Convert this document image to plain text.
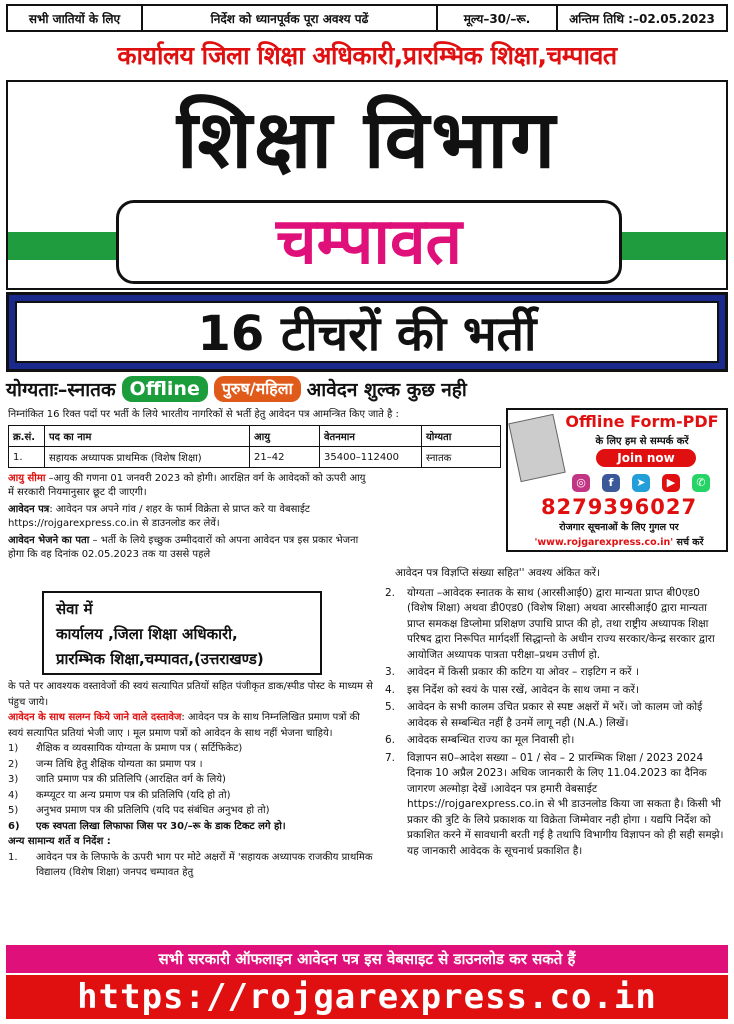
सभी जातियों के लिए	निर्देश को ध्यानपूर्वक पूरा अवश्य पढें	मूल्य–30/–रू.	अन्तिम तिथि :–02.05.2023
कार्यालय जिला शिक्षा अधिकारी,प्रारम्भिक शिक्षा,चम्पावत
शिक्षा विभाग
चम्पावत
16 टीचरों की भर्ती
योग्यताः–स्नातक Offline	पुरुष/महिला आवेदन शुल्क कुछ नही
निम्नांकित 16 रिक्त पदों पर भर्ती के लिये भारतीय नागरिकों से भर्ती हेतु आवेदन पत्र आमन्त्रित किए जाते है :
क्र.सं.	पद का नाम	आयु	वेतनमान	योग्यता
1.	सहायक अध्यापक प्राथमिक (विशेष शिक्षा)	21–42	35400–112400	स्नातक
Offline Form-PDF
के लिए हम से सम्पर्क करें
Join now
◎	f	➤	▶	✆
8279396027
रोजगार सूचनाओं के लिए गुगल पर
'www.rojgarexpress.co.in' सर्च करें

आयु सीमा –आयु की गणना 01 जनवरी 2023 को होगी। आरक्षित वर्ग के आवेदकों को ऊपरी आयु में सरकारी नियमानुसार छूट दी जाएगी।

आवेदन पत्र: आवेदन पत्र अपने गांव / शहर के फार्म विक्रेता से प्राप्त करे या वेबसाईट https://rojgarexpress.co.in से डाउनलोड कर लेवें।

आवेदन भेजने का पता – भर्ती के लिये इच्छुक उम्मीदवारों को अपना आवेदन पत्र इस प्रकार भेजना होगा कि वह दिनांक 02.05.2023 तक या उससे पहले

सेवा में
कार्यालय ,जिला शिक्षा अधिकारी,
प्रारम्भिक शिक्षा,चम्पावत,(उत्तराखण्ड)
के पते पर आवश्यक वस्तावेजों की स्वयं सत्यापित प्रतियों सहित पंजीकृत डाक/स्पीड पोस्ट के माध्यम से पंहुच जाये।
आवेदन के साथ सलग्न किये जाने वाले दस्तावेज: आवेदन पत्र के साथ निम्नलिखित प्रमाण पत्रों की स्वयं सत्यापित प्रतियां भेजी जाए । मूल प्रमाण पत्रों को आवेदन के साथ नहीं भेजना चाहिये।
1) शैक्षिक व व्यवसायिक योग्यता के प्रमाण पत्र ( सर्टिफिकेट)
2) जन्म तिथि हेतु शैक्षिक योग्यता का प्रमाण पत्र ।
3) जाति प्रमाण पत्र की प्रतिलिपि (आरक्षित वर्ग के लिये)
4) कम्प्यूटर या अन्य प्रमाण पत्र की प्रतिलिपि (यदि हो तो)
5) अनुभव प्रमाण पत्र की प्रतिलिपि (यदि पद संबंधित अनुभव हो तो)
6) एक स्वपता लिखा लिफाफा जिस पर 30/–रू के डाक टिकट लगे हो।
अन्य सामान्य शर्ते व निर्देश :
1. आवेदन पत्र के लिफाफे के ऊपरी भाग पर मोटे अक्षरों में 'सहायक अध्यापक राजकीय प्राथमिक विद्यालय (विशेष शिक्षा) जनपद चम्पावत हेतु
आवेदन पत्र विज्ञप्ति संख्या सहित'' अवश्य अंकित करें।
2. योग्यता –आवेदक स्नातक के साथ (आरसीआई0) द्वारा मान्यता प्राप्त बी0एड0 (विशेष शिक्षा) अथवा डी0एड0 (विशेष शिक्षा) अथवा आरसीआई0 द्वारा मान्यता प्राप्त समकक्ष डिप्लोमा प्रशिक्षण उपाधि प्राप्त की हो, तथा राष्ट्रीय अध्यापक शिक्षा परिषद द्वारा निरूपित मार्गदर्शी सिद्धान्तो के अधीन राज्य सरकार/केन्द्र सरकार द्वारा आयोजित अध्यापक पात्रता परीक्षा–प्रथम उत्तीर्ण हो.
3. आवेदन में किसी प्रकार की कटिग या ओवर – राइटिग न करें ।
4. इस निर्देश को स्वयं के पास रखें, आवेदन के साथ जमा न करें।
5. आवेदन के सभी कालम उचित प्रकार से स्पष्ट अक्षरों में भरें। जो कालम जो कोई आवेदक से सम्बन्धित नहीं है उनमें लागू नही (N.A.) लिखें।
6. आवेदक सम्बन्धित राज्य का मूल निवासी हो।
7. विज्ञापन स0–आदेश सख्या – 01 / सेव – 2 प्रारम्भिक शिक्षा / 2023 2024 दिनाक 10 अप्रैल 2023। अधिक जानकारी के लिए 11.04.2023 का दैनिक जागरण अल्मोड़ा देखें ।आवेदन पत्र हमारी वेबसाईट https://rojgarexpress.co.in से भी डाउनलोड किया जा सकता है। किसी भी प्रकार की त्रुटि के लिये प्रकाशक या विक्रेता जिम्मेवार नही होगा । यद्यपि निर्देश को प्रकाशित करने में सावधानी बरती गई है तथापि विभागीय विज्ञापन को ही सही समझे। यह जानकारी आवेदक के सूचनार्थ प्रकाशित है।
सभी सरकारी ऑफलाइन आवेदन पत्र इस वेबसाइट से डाउनलोड कर सकते हैं
https://rojgarexpress.co.in
